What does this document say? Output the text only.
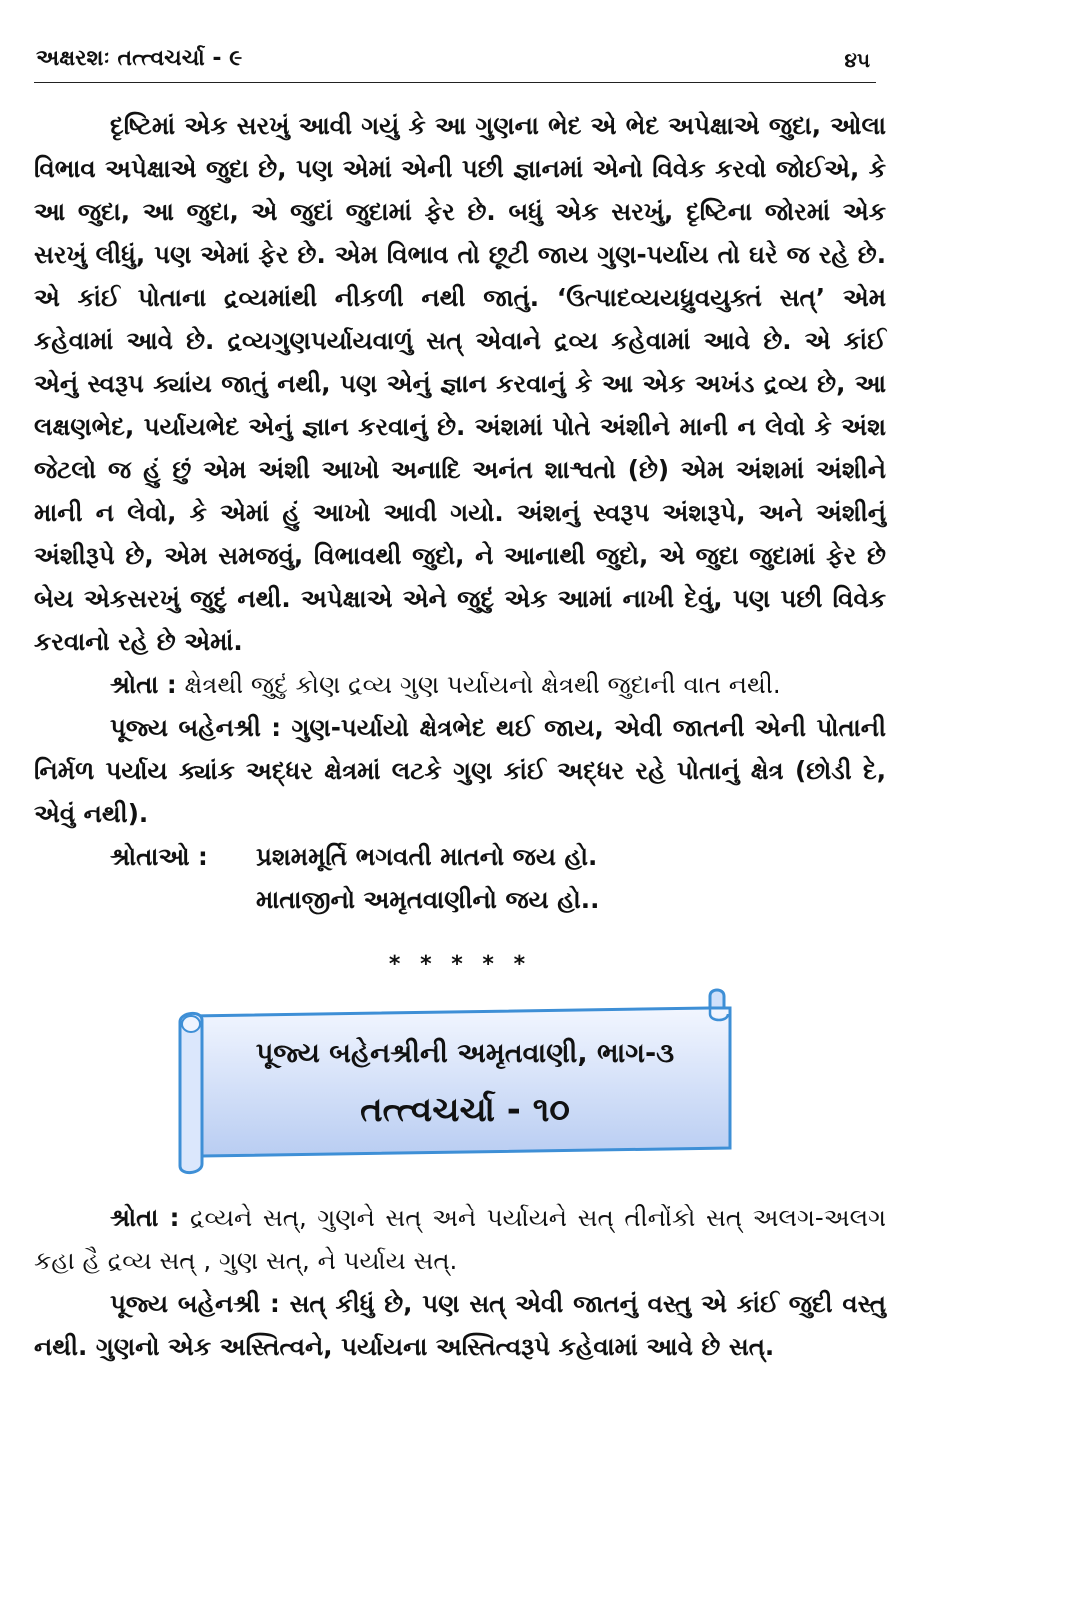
અક્ષરશઃ તત્ત્વચર્ચા - ૯	૪૫

દૃષ્ટિમાં એક સરખું આવી ગયું કે આ ગુણના ભેદ એ ભેદ અપેક્ષાએ જુદા, ઓલા વિભાવ અપેક્ષાએ જુદા છે, પણ એમાં એની પછી જ્ઞાનમાં એનો વિવેક કરવો જોઈએ, કે આ જુદા, આ જુદા, એ જુદાં જુદામાં ફેર છે. બધું એક સરખું, દૃષ્ટિના જોરમાં એક સરખું લીધું, પણ એમાં ફેર છે. એમ વિભાવ તો છૂટી જાય ગુણ-પર્યાય તો ઘરે જ રહે છે. એ કાંઈ પોતાના દ્રવ્યમાંથી નીકળી નથી જાતું. ‘ઉત્પાદવ્યયધ્રુવયુક્તં સત્’ એમ કહેવામાં આવે છે. દ્રવ્યગુણપર્યાયવાળું સત્ એવાને દ્રવ્ય કહેવામાં આવે છે. એ કાંઈ એનું સ્વરૂપ ક્યાંય જાતું નથી, પણ એનું જ્ઞાન કરવાનું કે આ એક અખંડ દ્રવ્ય છે, આ લક્ષણભેદ, પર્યાયભેદ એનું જ્ઞાન કરવાનું છે. અંશમાં પોતે અંશીને માની ન લેવો કે અંશ જેટલો જ હું છું એમ અંશી આખો અનાદિ અનંત શાશ્વતો (છે) એમ અંશમાં અંશીને માની ન લેવો, કે એમાં હું આખો આવી ગયો. અંશનું સ્વરૂપ અંશરૂપે, અને અંશીનું અંશીરૂપે છે, એમ સમજવું, વિભાવથી જુદો, ને આનાથી જુદો, એ જુદા જુદામાં ફેર છે બેય એકસરખું જુદું નથી. અપેક્ષાએ એને જુદું એક આમાં નાખી દેવું, પણ પછી વિવેક કરવાનો રહે છે એમાં.

શ્રોતા : ક્ષેત્રથી જુદું કોણ દ્રવ્ય ગુણ પર્યાયનો ક્ષેત્રથી જુદાની વાત નથી.

પૂજ્ય બહેનશ્રી : ગુણ-પર્યાયો ક્ષેત્રભેદ થઈ જાય, એવી જાતની એની પોતાની નિર્મળ પર્યાય ક્યાંક અદ્ધર ક્ષેત્રમાં લટકે ગુણ કાંઈ અદ્ધર રહે પોતાનું ક્ષેત્ર (છોડી દે, એવું નથી).

શ્રોતાઓ : પ્રશમમૂર્તિ ભગવતી માતનો જય હો.
માતાજીનો અમૃતવાણીનો જય હો..
* * * * *
પૂજ્ય બહેનશ્રીની અમૃતવાણી, ભાગ-૩
તત્ત્વચર્ચા - ૧૦

શ્રોતા : દ્રવ્યને સત્, ગુણને સત્ અને પર્યાયને સત્ તીનોંકો સત્ અલગ-અલગ કહા હૈ દ્રવ્ય સત્ , ગુણ સત્, ને પર્યાય સત્.

પૂજ્ય બહેનશ્રી : સત્ કીધું છે, પણ સત્ એવી જાતનું વસ્તુ એ કાંઈ જુદી વસ્તુ નથી. ગુણનો એક અસ્તિત્વને, પર્યાયના અસ્તિત્વરૂપે કહેવામાં આવે છે સત્.
